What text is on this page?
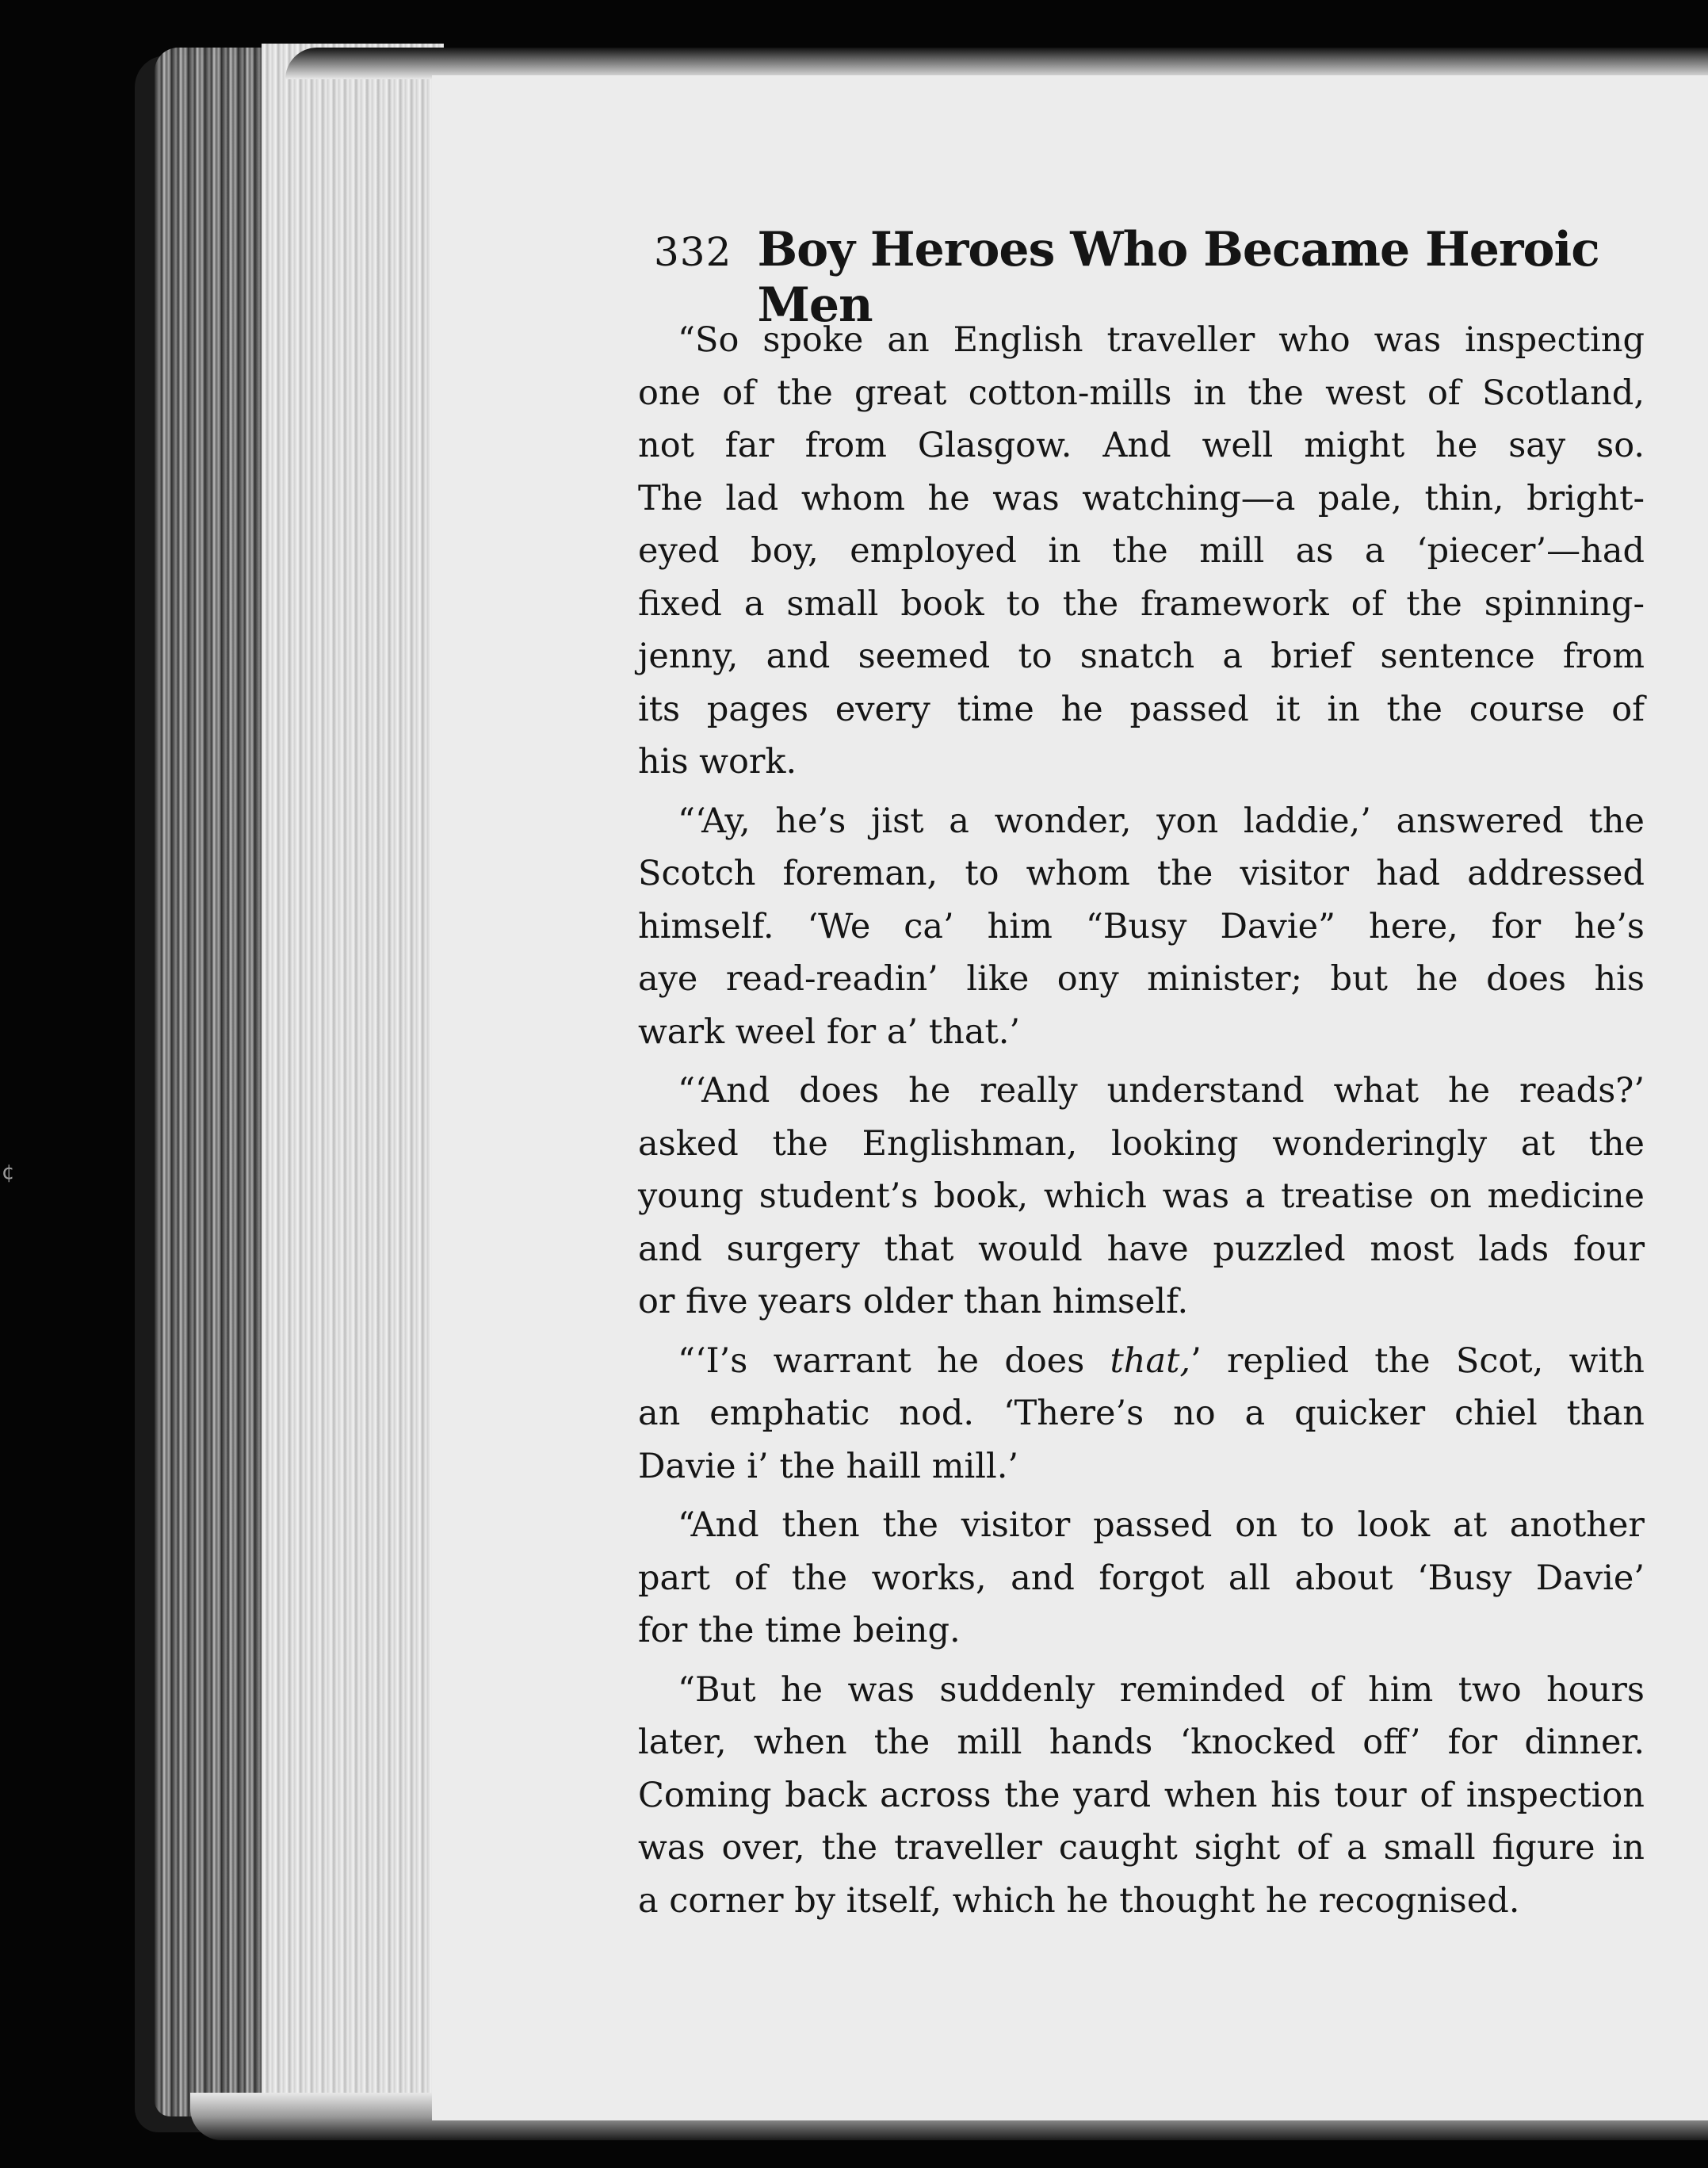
¢
332 Boy Heroes Who Became Heroic Men
“So spoke an English traveller who was inspecting
one of the great cotton-mills in the west of Scotland,
not far from Glasgow. And well might he say so.
The lad whom he was watching—a pale, thin, bright-
eyed boy, employed in the mill as a ‘piecer’—had
fixed a small book to the framework of the spinning-
jenny, and seemed to snatch a brief sentence from
its pages every time he passed it in the course of
his work.
“‘Ay, he’s jist a wonder, yon laddie,’ answered the
Scotch foreman, to whom the visitor had addressed
himself. ‘We ca’ him “Busy Davie” here, for he’s
aye read-readin’ like ony minister; but he does his
wark weel for a’ that.’
“‘And does he really understand what he reads?’
asked the Englishman, looking wonderingly at the
young student’s book, which was a treatise on medicine
and surgery that would have puzzled most lads four
or five years older than himself.
“‘I’s warrant he does that,’ replied the Scot, with
an emphatic nod. ‘There’s no a quicker chiel than
Davie i’ the haill mill.’
“And then the visitor passed on to look at another
part of the works, and forgot all about ‘Busy Davie’
for the time being.
“But he was suddenly reminded of him two hours
later, when the mill hands ‘knocked off’ for dinner.
Coming back across the yard when his tour of inspection
was over, the traveller caught sight of a small figure in
a corner by itself, which he thought he recognised.
